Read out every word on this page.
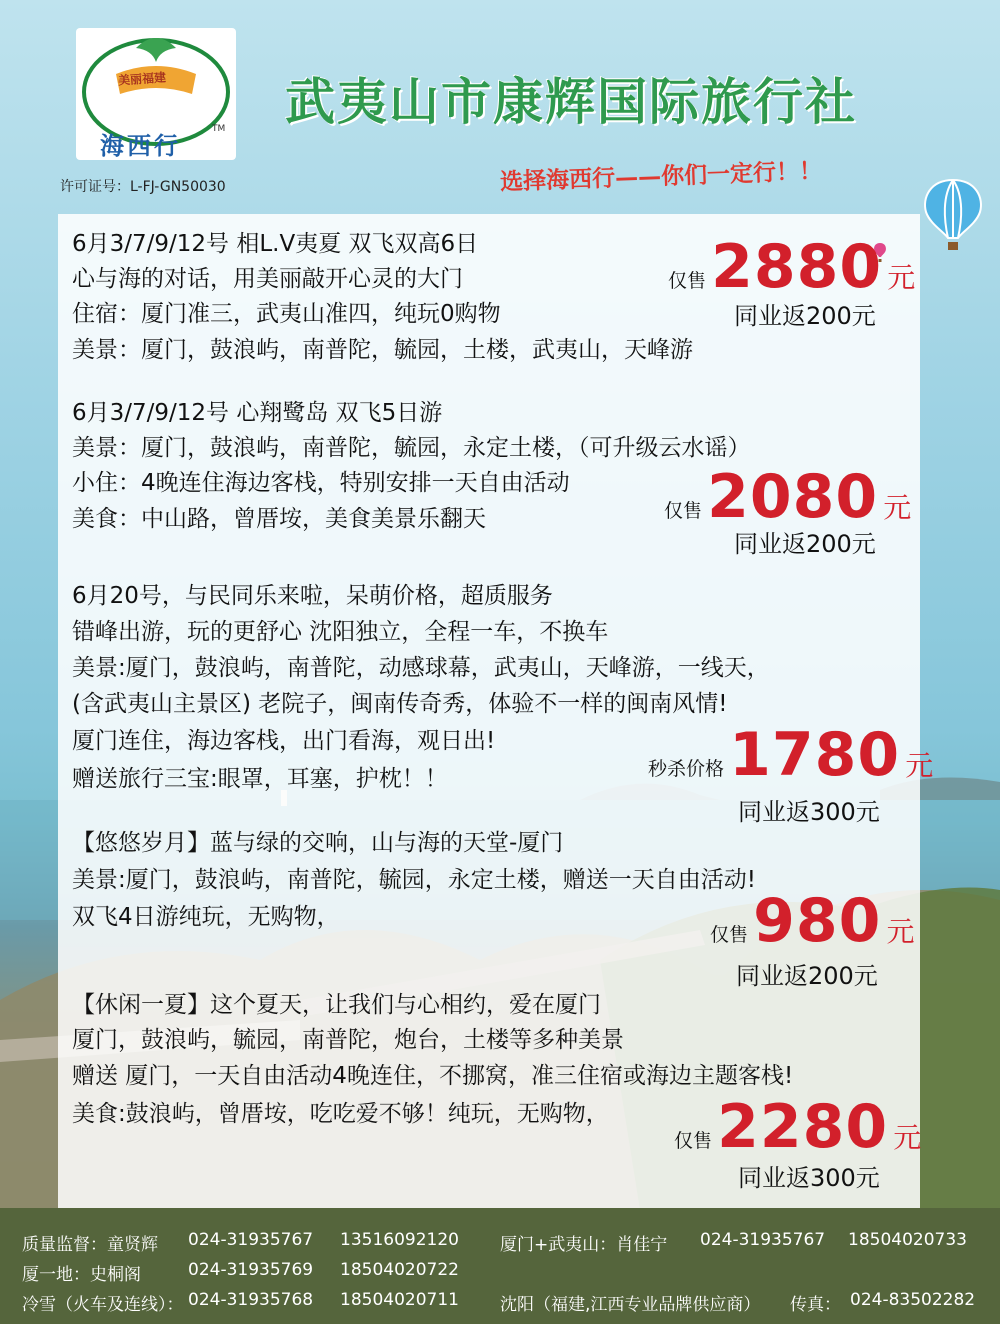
美丽福建
海西行
TM 武夷山市康辉国际旅行社
许可证号：L-FJ-GN50030	选择海西行——你们一定行！！
6月3/7/9/12号 相L.V夷夏 双飞双高6日
心与海的对话，用美丽敲开心灵的大门
住宿：厦门准三，武夷山准四，纯玩0购物
美景：厦门，鼓浪屿，南普陀，毓园，土楼，武夷山，天峰游
仅售 2880 元
同业返200元
6月3/7/9/12号 心翔鹭岛 双飞5日游
美景：厦门，鼓浪屿，南普陀，毓园，永定土楼，（可升级云水谣）
小住：4晚连住海边客栈，特别安排一天自由活动
美食：中山路，曾厝垵，美食美景乐翻天	仅售 2080 元
同业返200元
6月20号，与民同乐来啦，呆萌价格，超质服务
错峰出游，玩的更舒心 沈阳独立，全程一车，不换车
美景:厦门，鼓浪屿，南普陀，动感球幕，武夷山，天峰游，一线天，
(含武夷山主景区) 老院子，闽南传奇秀，体验不一样的闽南风情!
厦门连住，海边客栈，出门看海，观日出!
赠送旅行三宝:眼罩，耳塞，护枕！！	秒杀价格 1780 元
同业返300元
【悠悠岁月】蓝与绿的交响，山与海的天堂-厦门
美景:厦门，鼓浪屿，南普陀，毓园，永定土楼，赠送一天自由活动!
双飞4日游纯玩，无购物，
仅售 980 元
同业返200元
【休闲一夏】这个夏天，让我们与心相约，爱在厦门
厦门，鼓浪屿，毓园，南普陀，炮台，土楼等多种美景
赠送 厦门，一天自由活动4晚连住，不挪窝，准三住宿或海边主题客栈!
美食:鼓浪屿，曾厝垵，吃吃爱不够！纯玩，无购物，
仅售 2280 元
同业返300元
质量监督：童贤辉 024-31935767 13516092120 厦门+武夷山：肖佳宁 024-31935767 18504020733
厦一地：史桐阁	024-31935769 18504020722
冷雪（火车及连线）： 024-31935768 18504020711 沈阳（福建,江西专业品牌供应商） 传真： 024-83502282
